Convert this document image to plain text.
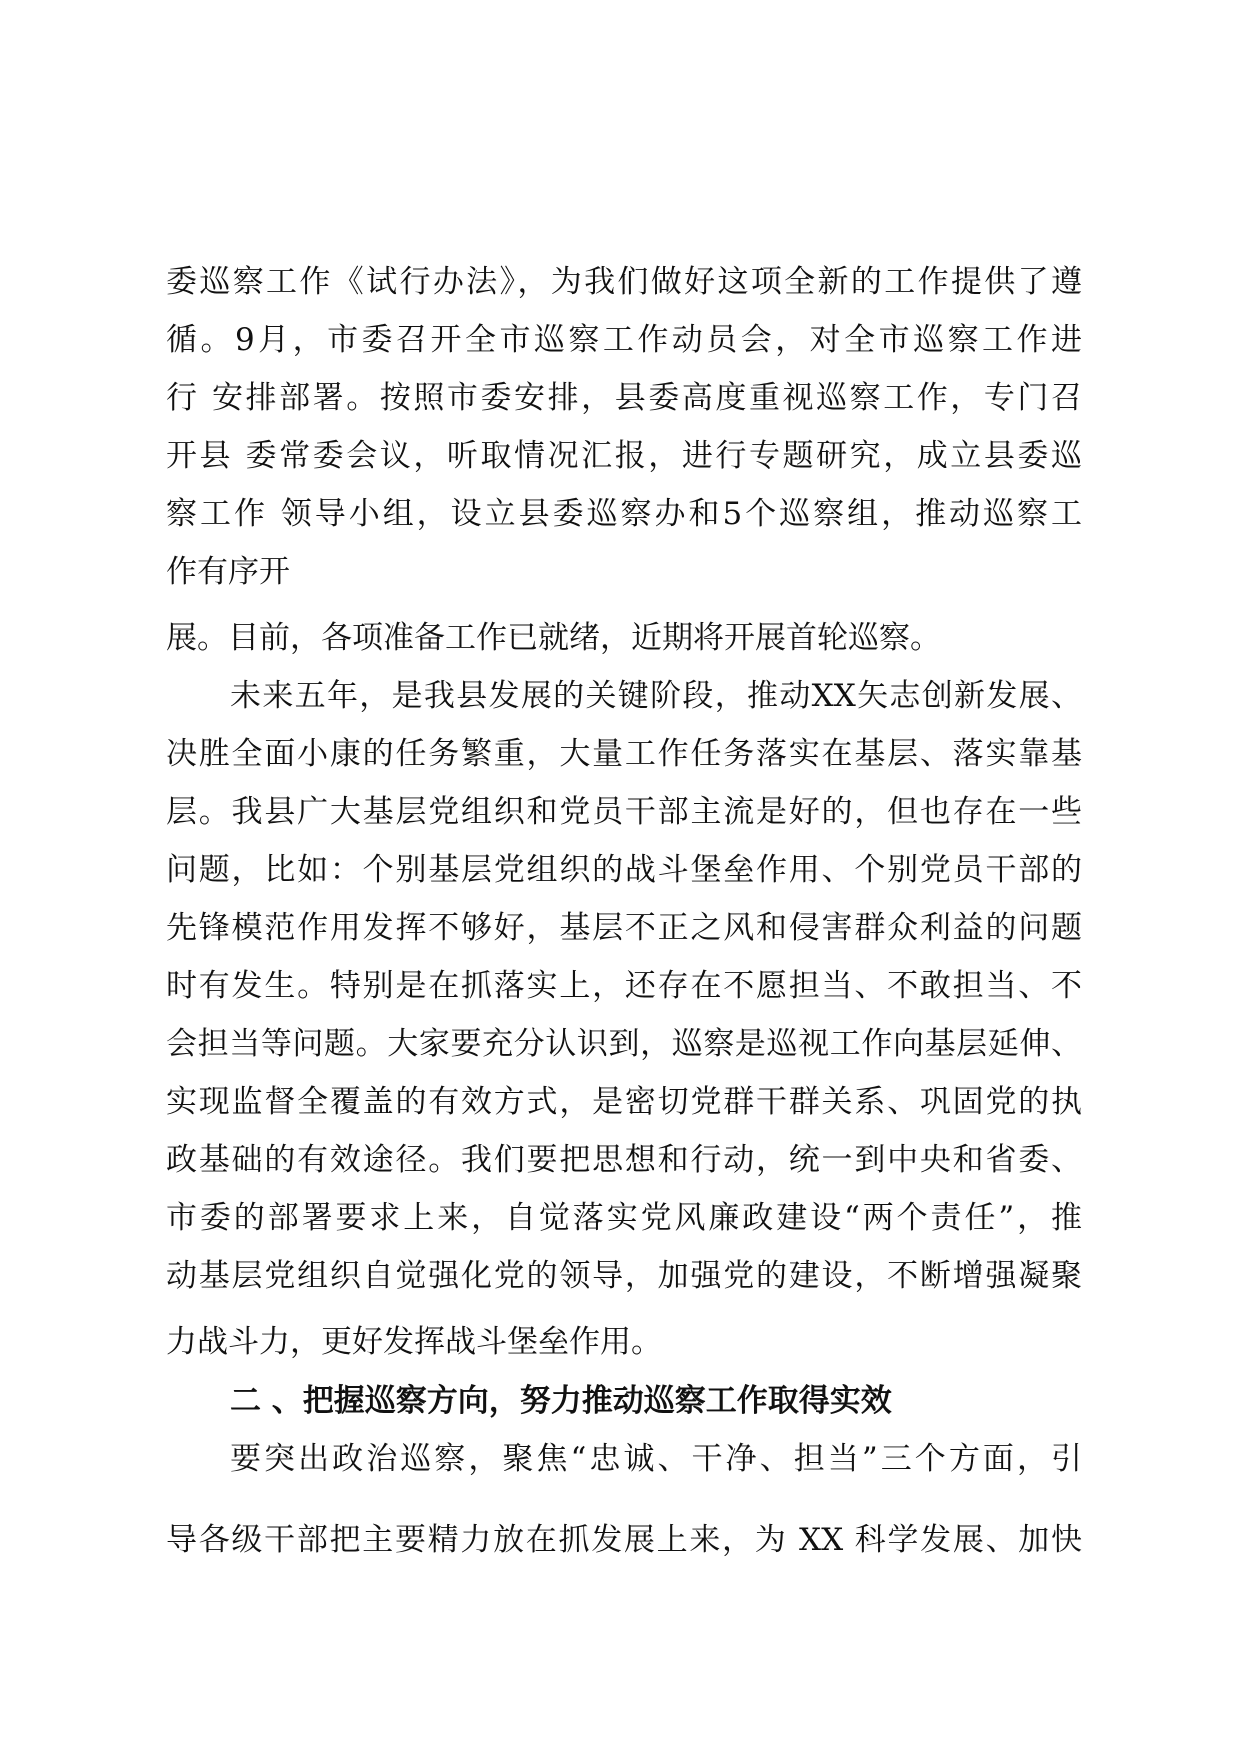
委巡察工作《试行办法》，为我们做好这项全新的工作提供了遵
循。9月，市委召开全市巡察工作动员会，对全市巡察工作进
行 安排部署。按照市委安排，县委高度重视巡察工作，专门召
开县 委常委会议，听取情况汇报，进行专题研究，成立县委巡
察工作 领导小组，设立县委巡察办和5个巡察组，推动巡察工
作有序开
展。目前，各项准备工作已就绪，近期将开展首轮巡察。
未来五年，是我县发展的关键阶段，推动XX矢志创新发展、
决胜全面小康的任务繁重，大量工作任务落实在基层、落实靠基
层。我县广大基层党组织和党员干部主流是好的，但也存在一些
问题，比如：个别基层党组织的战斗堡垒作用、个别党员干部的
先锋模范作用发挥不够好，基层不正之风和侵害群众利益的问题
时有发生。特别是在抓落实上，还存在不愿担当、不敢担当、不
会担当等问题。大家要充分认识到，巡察是巡视工作向基层延伸、
实现监督全覆盖的有效方式，是密切党群干群关系、巩固党的执
政基础的有效途径。我们要把思想和行动，统一到中央和省委、
市委的部署要求上来，自觉落实党风廉政建设“两个责任”，推
动基层党组织自觉强化党的领导，加强党的建设，不断增强凝聚
力战斗力，更好发挥战斗堡垒作用。
二 、把握巡察方向，努力推动巡察工作取得实效
要突出政治巡察，聚焦“忠诚、干净、担当”三个方面，引
导各级干部把主要精力放在抓发展上来，为 XX 科学发展、加快
